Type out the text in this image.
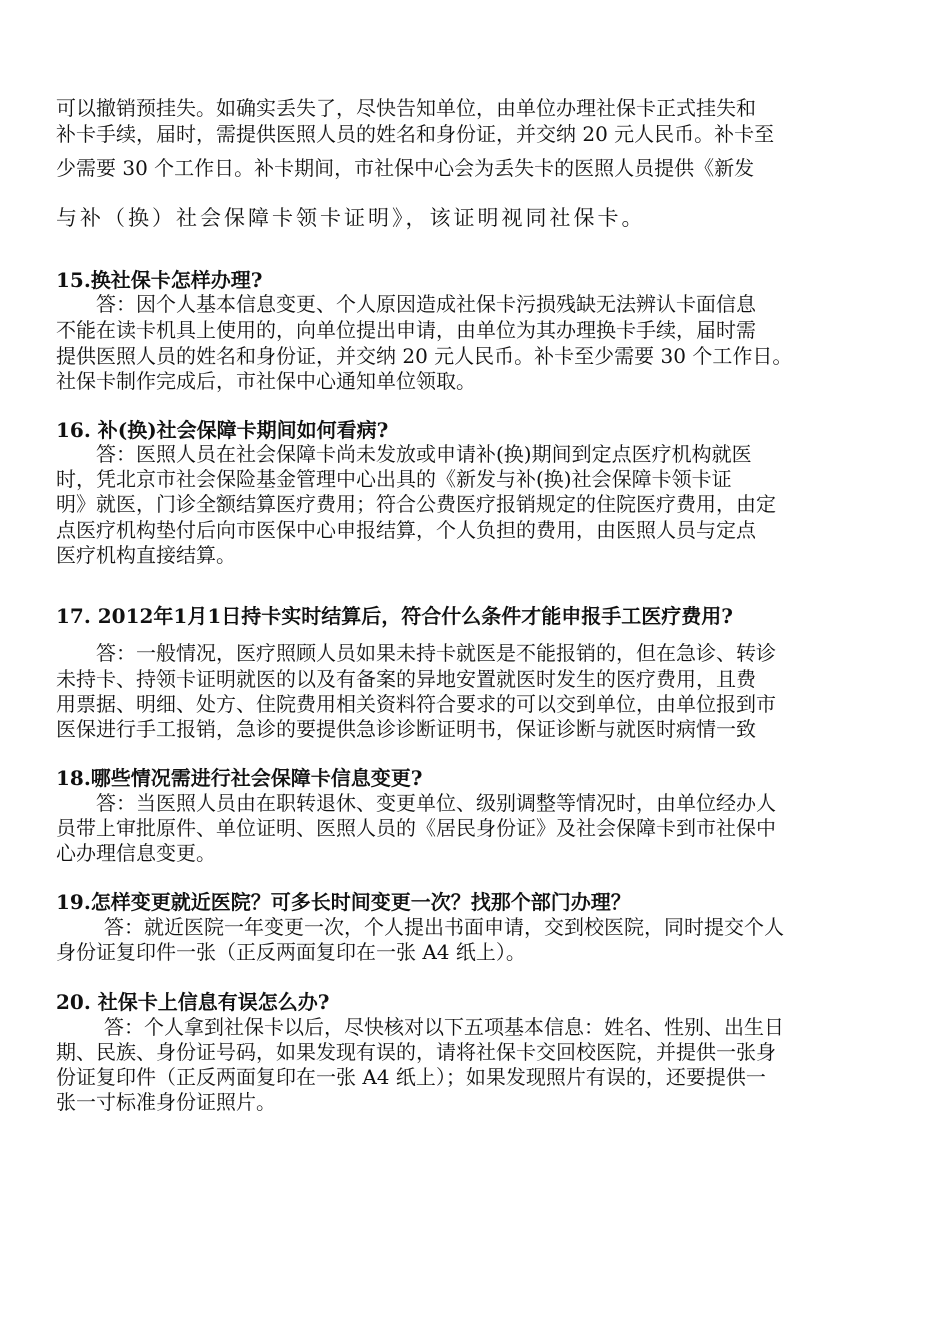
可以撤销预挂失。如确实丢失了，尽快告知单位，由单位办理社保卡正式挂失和
补卡手续，届时，需提供医照人员的姓名和身份证，并交纳 20 元人民币。补卡至
少需要 30 个工作日。补卡期间，市社保中心会为丢失卡的医照人员提供《新发
与补（换）社会保障卡领卡证明》，该证明视同社保卡。
15.换社保卡怎样办理?
答：因个人基本信息变更、个人原因造成社保卡污损残缺无法辨认卡面信息
不能在读卡机具上使用的，向单位提出申请，由单位为其办理换卡手续，届时需
提供医照人员的姓名和身份证，并交纳 20 元人民币。补卡至少需要 30 个工作日。
社保卡制作完成后，市社保中心通知单位领取。
16. 补(换)社会保障卡期间如何看病?
答：医照人员在社会保障卡尚未发放或申请补(换)期间到定点医疗机构就医
时，凭北京市社会保险基金管理中心出具的《新发与补(换)社会保障卡领卡证
明》就医，门诊全额结算医疗费用；符合公费医疗报销规定的住院医疗费用，由定
点医疗机构垫付后向市医保中心申报结算，个人负担的费用，由医照人员与定点
医疗机构直接结算。
17. 2012年1月1日持卡实时结算后，符合什么条件才能申报手工医疗费用?
答：一般情况，医疗照顾人员如果未持卡就医是不能报销的，但在急诊、转诊
未持卡、持领卡证明就医的以及有备案的异地安置就医时发生的医疗费用，且费
用票据、明细、处方、住院费用相关资料符合要求的可以交到单位，由单位报到市
医保进行手工报销，急诊的要提供急诊诊断证明书，保证诊断与就医时病情一致
18.哪些情况需进行社会保障卡信息变更?
答：当医照人员由在职转退休、变更单位、级别调整等情况时，由单位经办人
员带上审批原件、单位证明、医照人员的《居民身份证》及社会保障卡到市社保中
心办理信息变更。
19.怎样变更就近医院？可多长时间变更一次？找那个部门办理？
答：就近医院一年变更一次，个人提出书面申请，交到校医院，同时提交个人
身份证复印件一张（正反两面复印在一张 A4 纸上）。
20. 社保卡上信息有误怎么办?
答：个人拿到社保卡以后，尽快核对以下五项基本信息：姓名、性别、出生日
期、民族、身份证号码，如果发现有误的，请将社保卡交回校医院，并提供一张身
份证复印件（正反两面复印在一张 A4 纸上）；如果发现照片有误的，还要提供一
张一寸标准身份证照片。
